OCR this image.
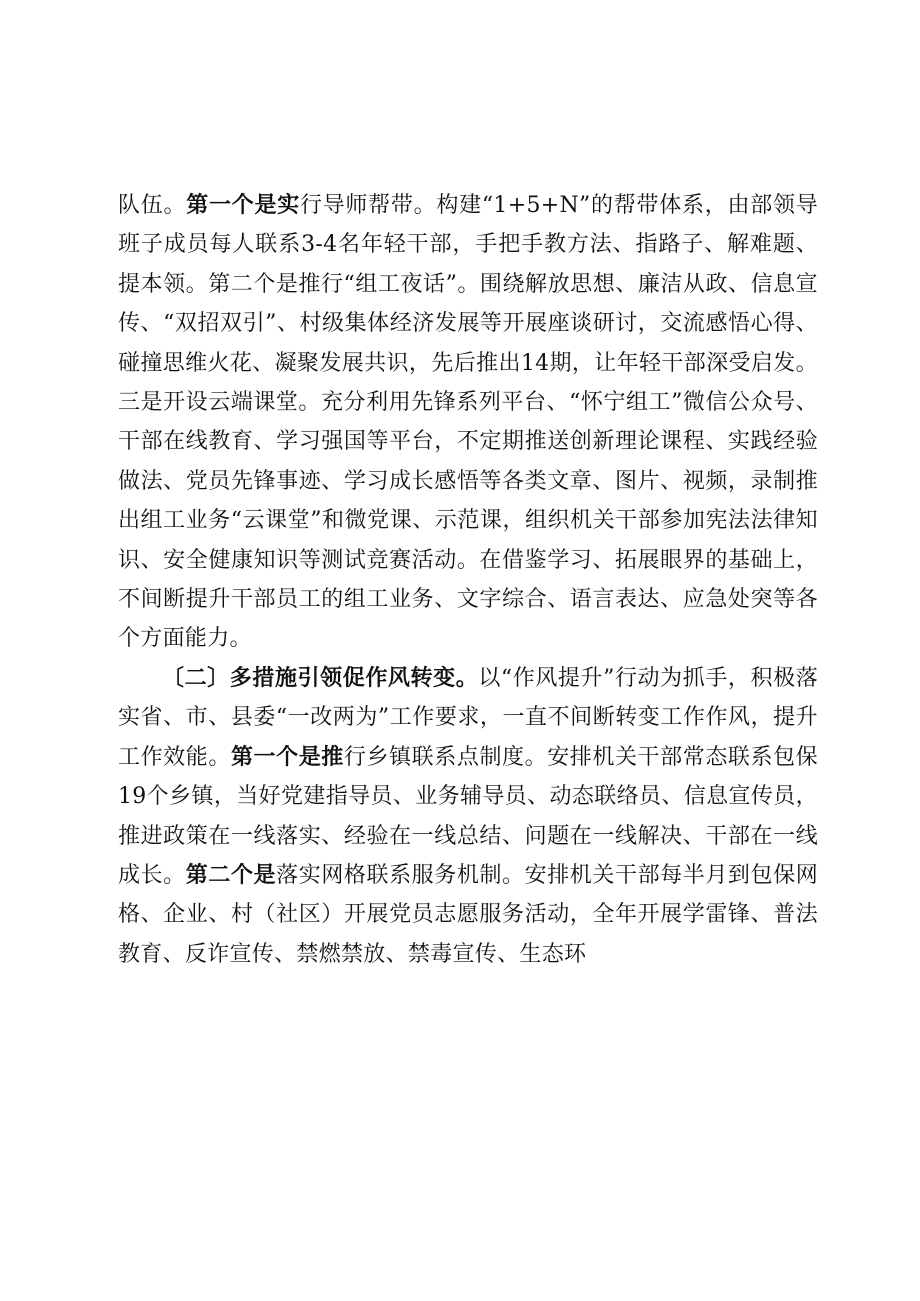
队伍。第一个是实行导师帮带。构建“1+5+N”的帮带体系，由部领导班子成员每人联系3-4名年轻干部，手把手教方法、指路子、解难题、提本领。第二个是推行“组工夜话”。围绕解放思想、廉洁从政、信息宣传、“双招双引”、村级集体经济发展等开展座谈研讨，交流感悟心得、碰撞思维火花、凝聚发展共识，先后推出14期，让年轻干部深受启发。三是开设云端课堂。充分利用先锋系列平台、“怀宁组工”微信公众号、干部在线教育、学习强国等平台，不定期推送创新理论课程、实践经验做法、党员先锋事迹、学习成长感悟等各类文章、图片、视频，录制推出组工业务“云课堂”和微党课、示范课，组织机关干部参加宪法法律知识、安全健康知识等测试竞赛活动。在借鉴学习、拓展眼界的基础上，不间断提升干部员工的组工业务、文字综合、语言表达、应急处突等各个方面能力。

〔二〕多措施引领促作风转变。以“作风提升”行动为抓手，积极落实省、市、县委“一改两为”工作要求，一直不间断转变工作作风，提升工作效能。第一个是推行乡镇联系点制度。安排机关干部常态联系包保19个乡镇，当好党建指导员、业务辅导员、动态联络员、信息宣传员，推进政策在一线落实、经验在一线总结、问题在一线解决、干部在一线成长。第二个是落实网格联系服务机制。安排机关干部每半月到包保网格、企业、村（社区）开展党员志愿服务活动，全年开展学雷锋、普法教育、反诈宣传、禁燃禁放、禁毒宣传、生态环
